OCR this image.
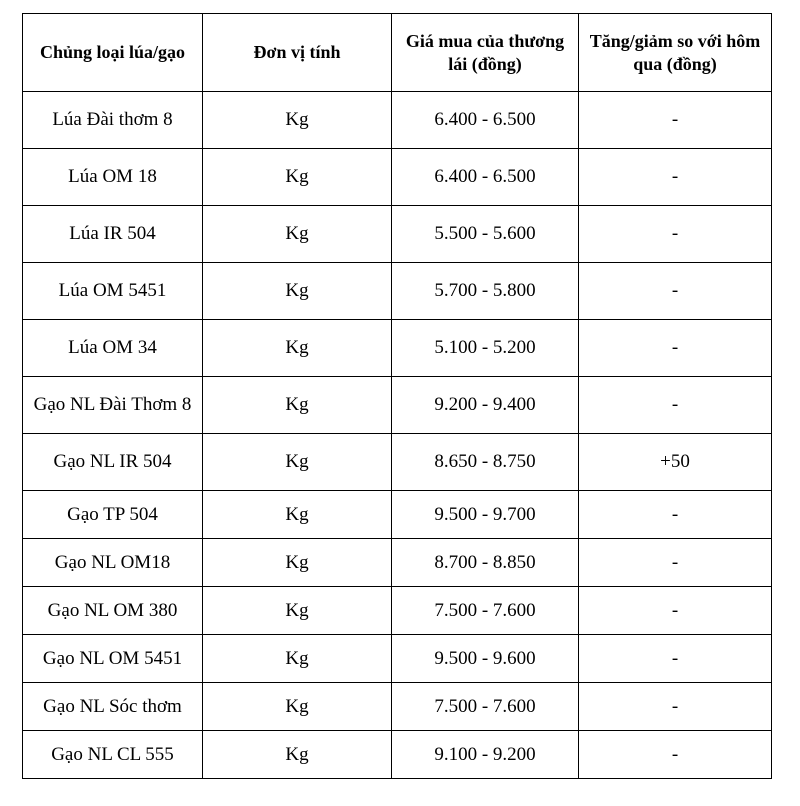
Chủng loại lúa/gạo	Đơn vị tính	Giá mua của thương lái (đồng)	Tăng/giảm so với hôm qua (đồng)
Lúa Đài thơm 8	Kg	6.400 - 6.500	-
Lúa OM 18	Kg	6.400 - 6.500	-
Lúa IR 504	Kg	5.500 - 5.600	-
Lúa OM 5451	Kg	5.700 - 5.800	-
Lúa OM 34	Kg	5.100 - 5.200	-
Gạo NL Đài Thơm 8	Kg	9.200 - 9.400	-
Gạo NL IR 504	Kg	8.650 - 8.750	+50
Gạo TP 504	Kg	9.500 - 9.700	-
Gạo NL OM18	Kg	8.700 - 8.850	-
Gạo NL OM 380	Kg	7.500 - 7.600	-
Gạo NL OM 5451	Kg	9.500 - 9.600	-
Gạo NL Sóc thơm	Kg	7.500 - 7.600	-
Gạo NL CL 555	Kg	9.100 - 9.200	-
